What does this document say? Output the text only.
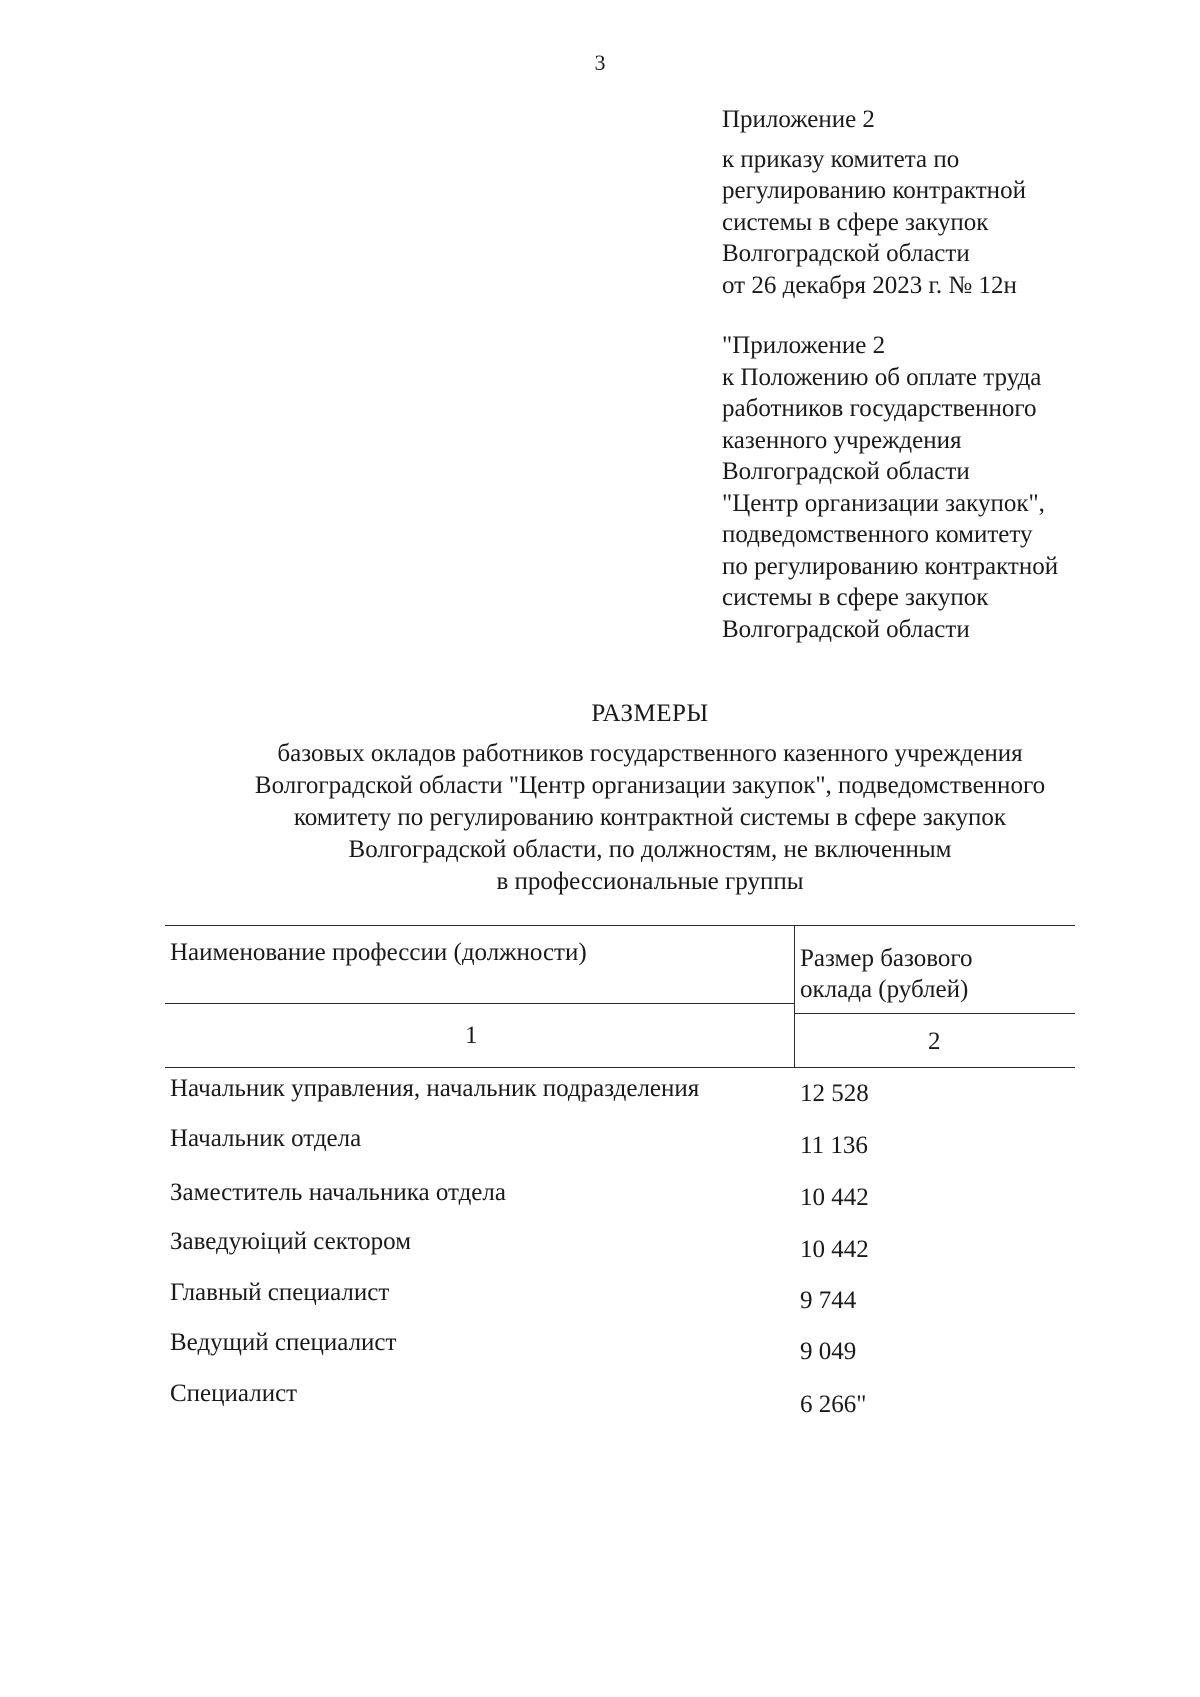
3
Приложение 2
к приказу комитета по
регулированию контрактной
системы в сфере закупок
Волгоградской области
от 26 декабря 2023 г. № 12н
"Приложение 2
к Положению об оплате труда
работников государственного
казенного учреждения
Волгоградской области
"Центр организации закупок",
подведомственного комитету
по регулированию контрактной
системы в сфере закупок
Волгоградской области
РАЗМЕРЫ
базовых окладов работников государственного казенного учреждения
Волгоградской области "Центр организации закупок", подведомственного
комитету по регулированию контрактной системы в сфере закупок
Волгоградской области, по должностям, не включенным
в профессиональные группы
Наименование профессии (должности)	Размер базового
оклада (рублей)
1	2
Начальник управления, начальник подразделения	12 528
Начальник отдела	11 136
Заместитель начальника отдела	10 442
Заведуюіций сектором	10 442
Главный специалист	9 744
Ведущий специалист	9 049
Специалист	6 266"
